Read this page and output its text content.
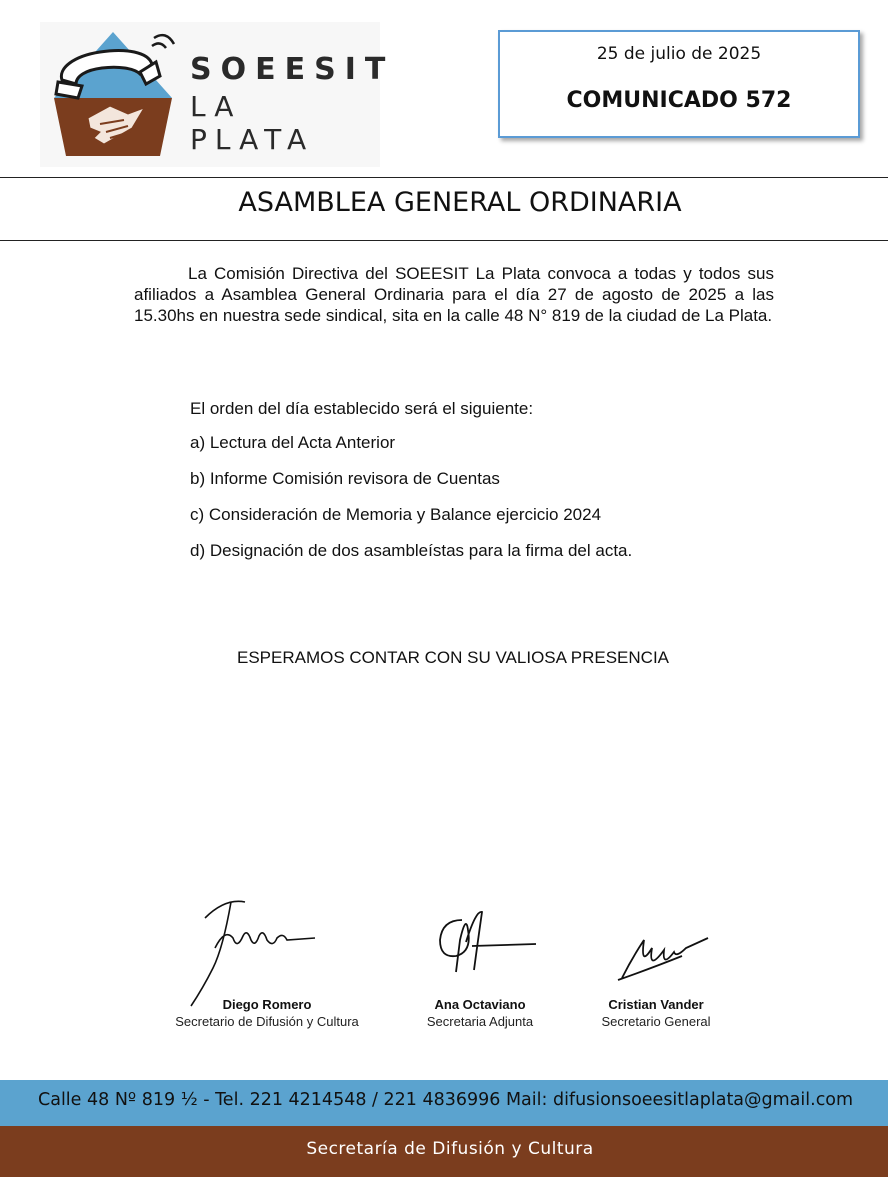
SOEESIT
LA PLATA
25 de julio de 2025
COMUNICADO 572
ASAMBLEA GENERAL ORDINARIA
La Comisión Directiva del SOEESIT La Plata convoca a todas y todos sus afiliados a Asamblea General Ordinaria para el día 27 de agosto de 2025 a las 15.30hs en nuestra sede sindical, sita en la calle 48 N° 819 de la ciudad de La Plata.
El orden del día establecido será el siguiente:
a) Lectura del Acta Anterior
b) Informe Comisión revisora de Cuentas
c) Consideración de Memoria y Balance ejercicio 2024
d) Designación de dos asambleístas para la firma del acta.
ESPERAMOS CONTAR CON SU VALIOSA PRESENCIA
Diego Romero
Secretario de Difusión y Cultura
Ana Octaviano
Secretaria Adjunta
Cristian Vander
Secretario General
Calle 48 Nº 819 ½ - Tel. 221 4214548 / 221 4836996 Mail: difusionsoeesitlaplata@gmail.com
Secretaría de Difusión y Cultura
